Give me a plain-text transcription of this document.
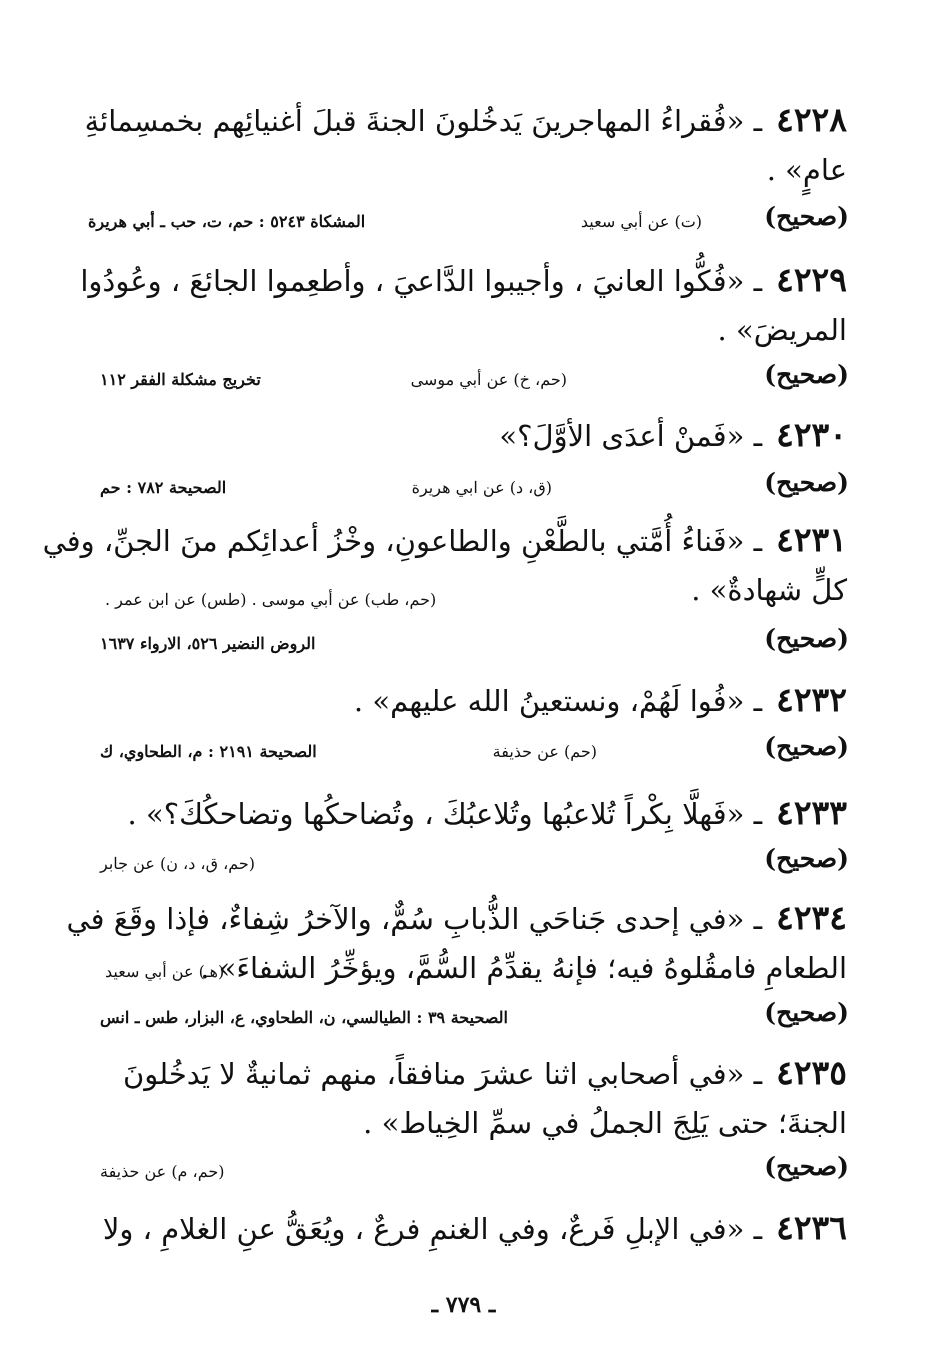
٤٢٢٨ـ «فُقراءُ المهاجرينَ يَدخُلونَ الجنةَ قبلَ أغنيائِهم بخمسِمائةِ
عامٍ» .
(صحيح)
(ت) عن أبي سعيد
المشكاة ٥٢٤٣ : حم، ت، حب ـ أبي هريرة
٤٢٢٩ـ «فُكُّوا العانيَ ، وأجيبوا الدَّاعيَ ، وأطعِموا الجائعَ ، وعُودُوا
المريضَ» .
(صحيح)
(حم، خ) عن أبي موسى
تخريج مشكلة الفقر ١١٢
٤٢٣٠ـ «فَمنْ أعدَى الأوَّلَ؟»
(صحيح)
(ق، د) عن ابي هريرة
الصحيحة ٧٨٢ : حم
٤٢٣١ـ «فَناءُ أُمَّتي بالطَّعْنِ والطاعونِ، وخْزُ أعدائِكم منَ الجنِّ، وفي
كلٍّ شهادةٌ» .
(حم، طب) عن أبي موسى . (طس) عن ابن عمر .
(صحيح)
الروض النضير ٥٢٦، الارواء ١٦٣٧
٤٢٣٢ـ «فُوا لَهُمْ، ونستعينُ الله عليهم» .
(صحيح)
(حم) عن حذيفة
الصحيحة ٢١٩١ : م، الطحاوي، ك
٤٢٣٣ـ «فَهلَّا بِكْراً تُلاعبُها وتُلاعبُكَ ، وتُضاحكُها وتضاحكُكَ؟» .
(صحيح)
(حم، ق، د، ن) عن جابر
٤٢٣٤ـ «في إحدى جَناحَي الذُّبابِ سُمٌّ، والآخرُ شِفاءٌ، فإذا وقَعَ في
الطعامِ فامقُلوهُ فيه؛ فإنهُ يقدِّمُ السُّمَّ، ويؤخِّرُ الشفاءَ» .
(هـ) عن أبي سعيد
(صحيح)
الصحيحة ٣٩ : الطيالسي، ن، الطحاوي، ع، البزار، طس ـ انس
٤٢٣٥ـ «في أصحابي اثنا عشرَ منافقاً، منهم ثمانيةٌ لا يَدخُلونَ
الجنةَ؛ حتى يَلِجَ الجملُ في سمِّ الخِياط» .
(صحيح)
(حم، م) عن حذيفة
٤٢٣٦ـ «في الإبلِ فَرعٌ، وفي الغنمِ فرعٌ ، ويُعَقُّ عنِ الغلامِ ، ولا
ـ ٧٧٩ ـ
